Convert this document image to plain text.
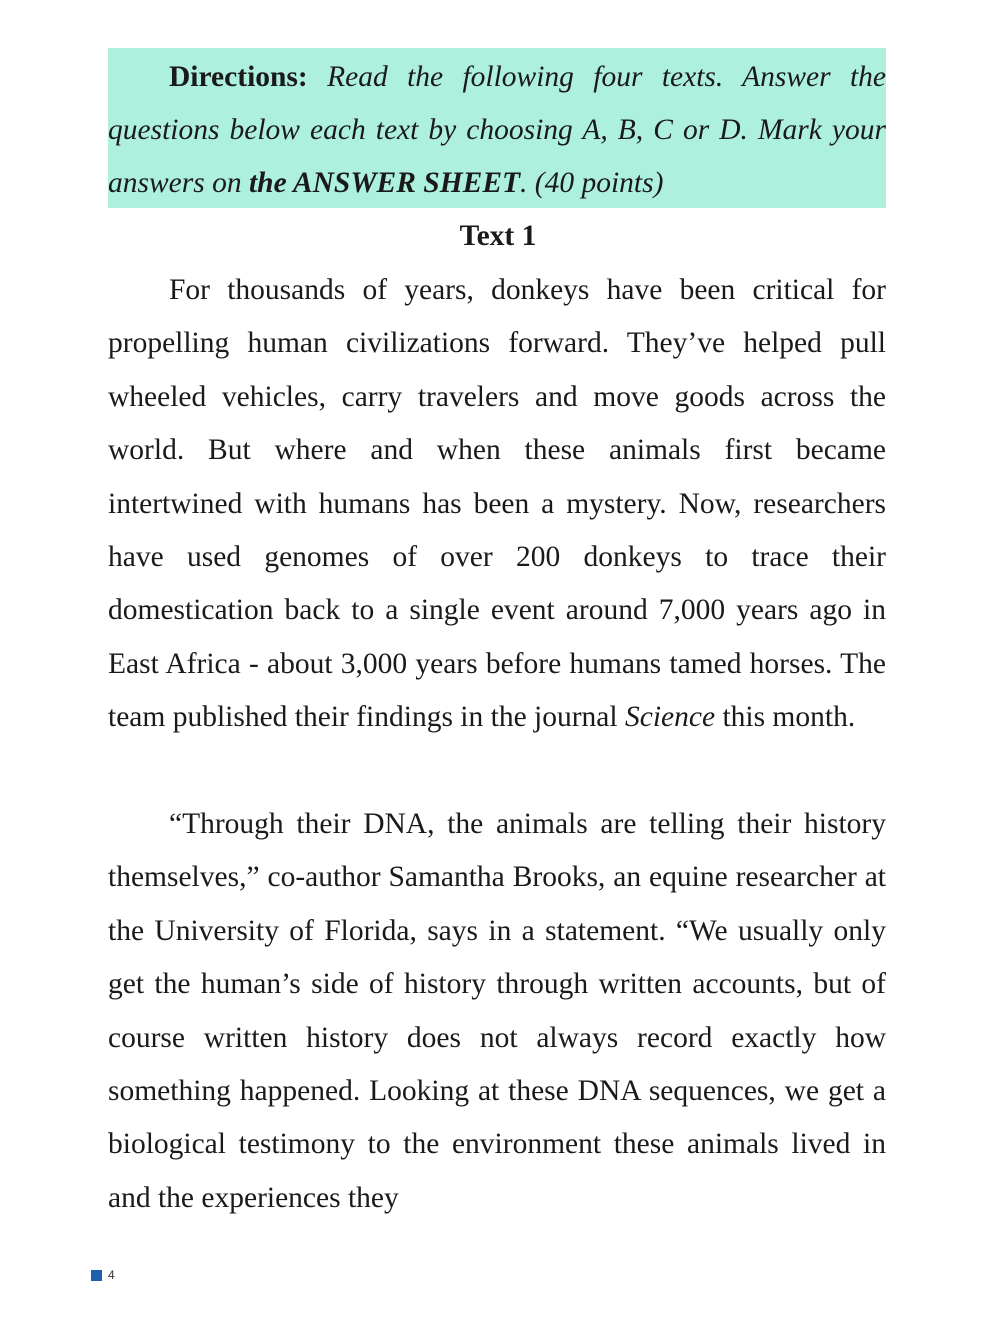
Directions: Read the following four texts. Answer the questions below each text by choosing A, B, C or D. Mark your answers on the ANSWER SHEET. (40 points)

Text 1

For thousands of years, donkeys have been critical for propelling human civilizations forward. They’ve helped pull wheeled vehicles, carry travelers and move goods across the world. But where and when these animals first became intertwined with humans has been a mystery. Now, researchers have used genomes of over 200 donkeys to trace their domestication back to a single event around 7,000 years ago in East Africa - about 3,000 years before humans tamed horses. The team published their findings in the journal Science this month.

“Through their DNA, the animals are telling their history themselves,” co-author Samantha Brooks, an equine researcher at the University of Florida, says in a statement. “We usually only get the human’s side of history through written accounts, but of course written history does not always record exactly how something happened. Looking at these DNA sequences, we get a biological testimony to the environment these animals lived in and the experiences they

4
